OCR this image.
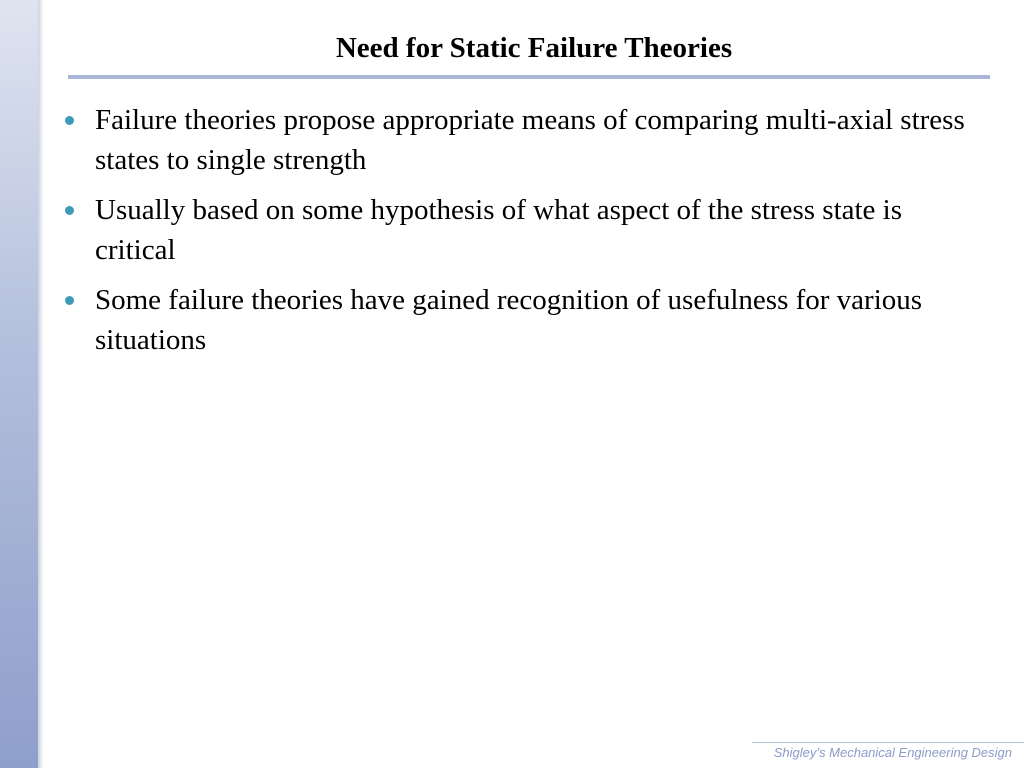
Need for Static Failure Theories
Failure theories propose appropriate means of comparing multi-axial stress states to single strength
Usually based on some hypothesis of what aspect of the stress state is critical
Some failure theories have gained recognition of usefulness for various situations
Shigley’s Mechanical Engineering Design
